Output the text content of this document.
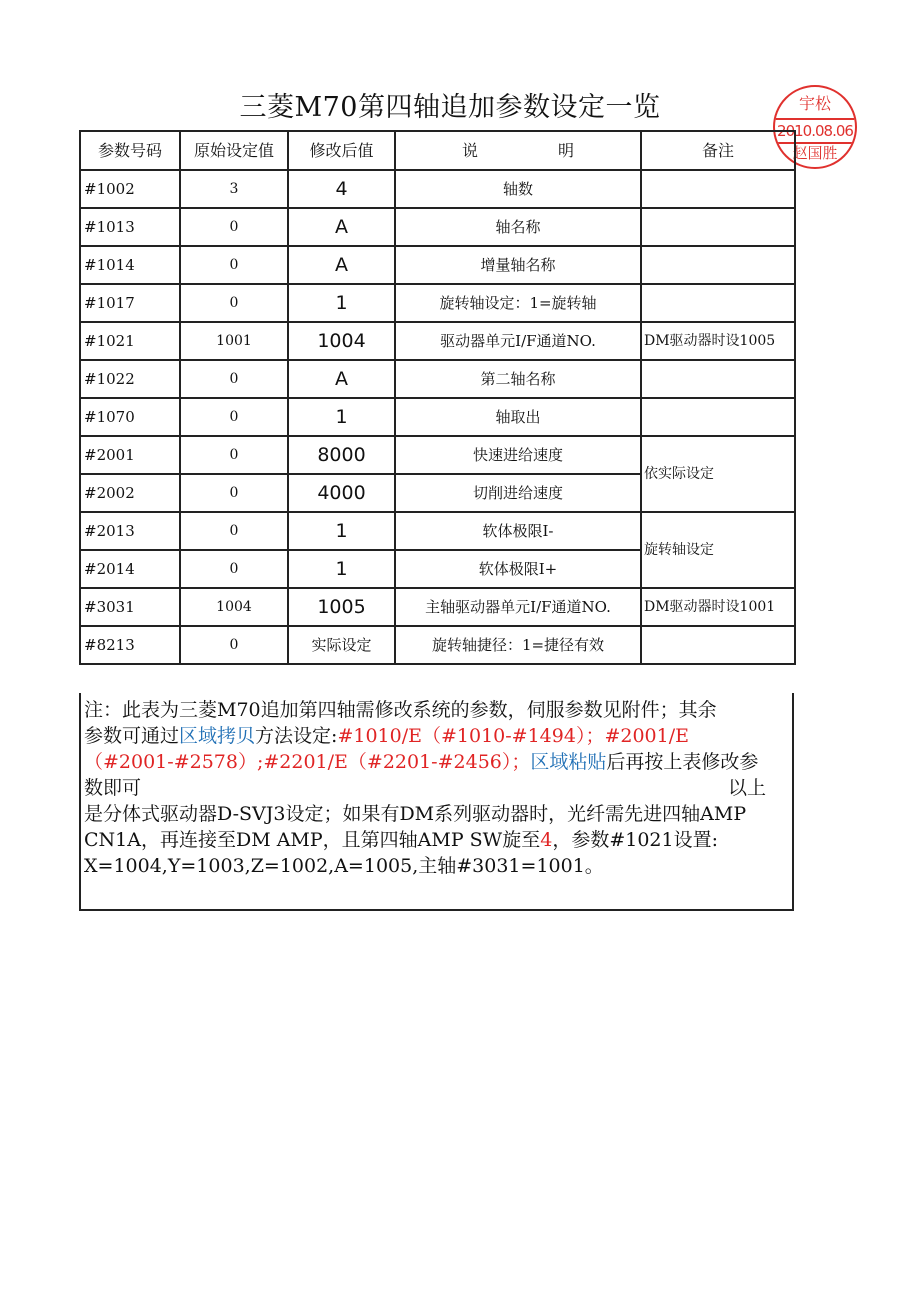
三菱M70第四轴追加参数设定一览	宇松
2010.08.06
赵国胜
参数号码	原始设定值	修改后值	说　　　　　明	备注
#1002	3	4	轴数	
#1013	0	A	轴名称	
#1014	0	A	增量轴名称	
#1017	0	1	旋转轴设定：1=旋转轴	
#1021	1001	1004	驱动器单元I/F通道NO.	DM驱动器时设1005
#1022	0	A	第二轴名称	
#1070	0	1	轴取出	
#2001	0	8000	快速进给速度	依实际设定
#2002	0	4000	切削进给速度	
#2013	0	1	软体极限I-	旋转轴设定
#2014	0	1	软体极限I+	
#3031	1004	1005	主轴驱动器单元I/F通道NO.	DM驱动器时设1001
#8213	0	实际设定	旋转轴捷径：1=捷径有效	
注：此表为三菱M70追加第四轴需修改系统的参数，伺服参数见附件；其余
参数可通过区域拷贝方法设定:#1010/E（#1010-#1494）；#2001/E
（#2001-#2578）;#2201/E（#2201-#2456）；区域粘贴后再按上表修改参
数即可	以上
是分体式驱动器D-SVJ3设定；如果有DM系列驱动器时，光纤需先进四轴AMP
CN1A，再连接至DM AMP，且第四轴AMP SW旋至4，参数#1021设置:
X=1004,Y=1003,Z=1002,A=1005,主轴#3031=1001。
